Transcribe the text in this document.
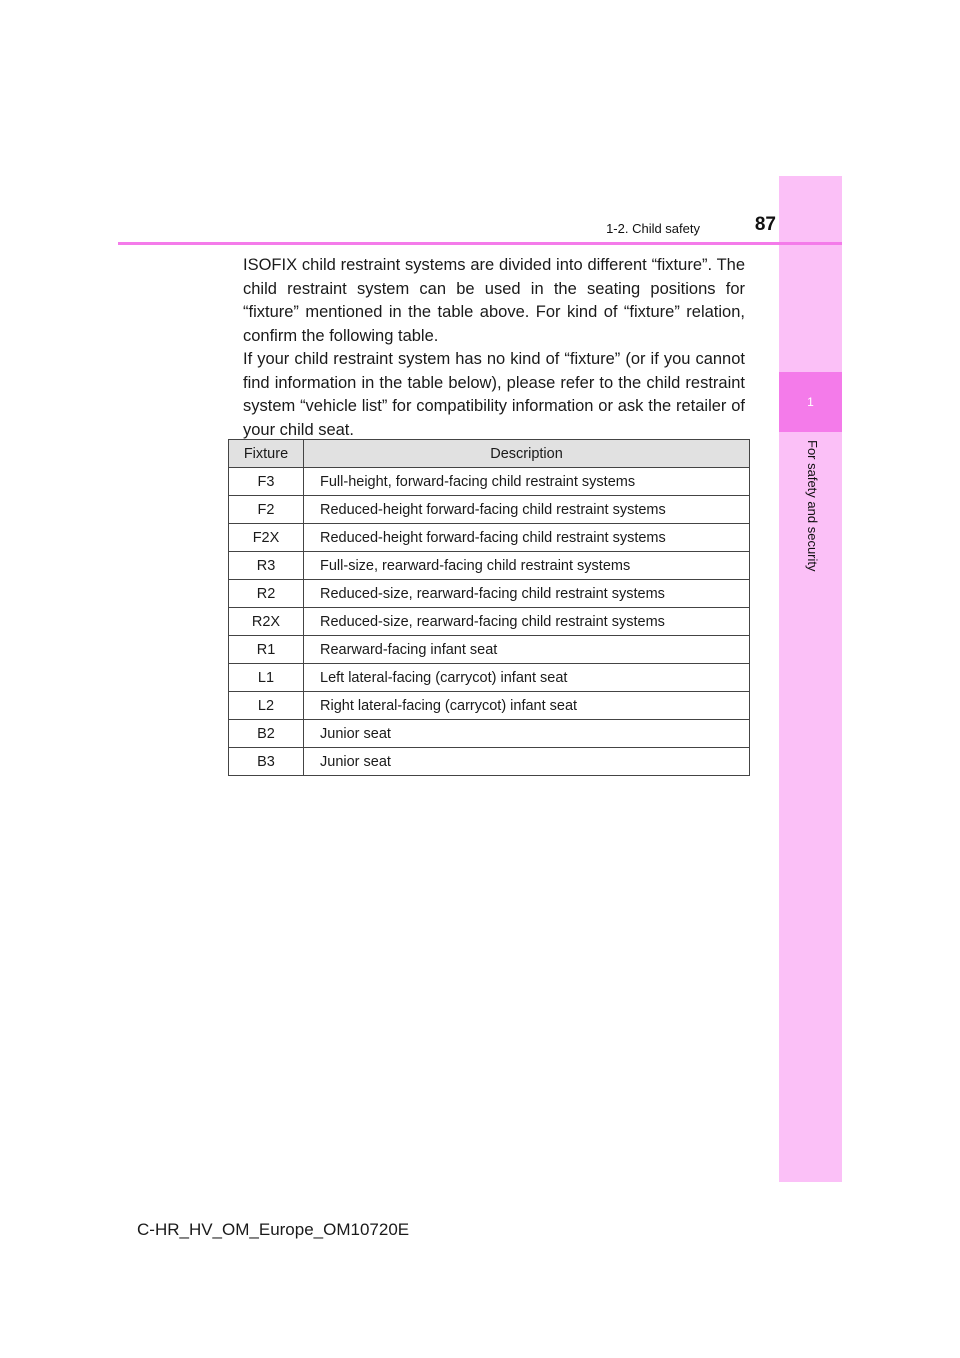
1
For safety and security
1-2. Child safety	87

ISOFIX child restraint systems are divided into different “fixture”. The child restraint system can be used in the seating positions for “fixture” mentioned in the table above. For kind of “fixture” relation, confirm the following table.

If your child restraint system has no kind of “fixture” (or if you cannot find information in the table below), please refer to the child restraint system “vehicle list” for compatibility information or ask the retailer of your child seat.

Fixture	Description
F3	Full-height, forward-facing child restraint systems
F2	Reduced-height forward-facing child restraint systems
F2X	Reduced-height forward-facing child restraint systems
R3	Full-size, rearward-facing child restraint systems
R2	Reduced-size, rearward-facing child restraint systems
R2X	Reduced-size, rearward-facing child restraint systems
R1	Rearward-facing infant seat
L1	Left lateral-facing (carrycot) infant seat
L2	Right lateral-facing (carrycot) infant seat
B2	Junior seat
B3	Junior seat
C-HR_HV_OM_Europe_OM10720E
